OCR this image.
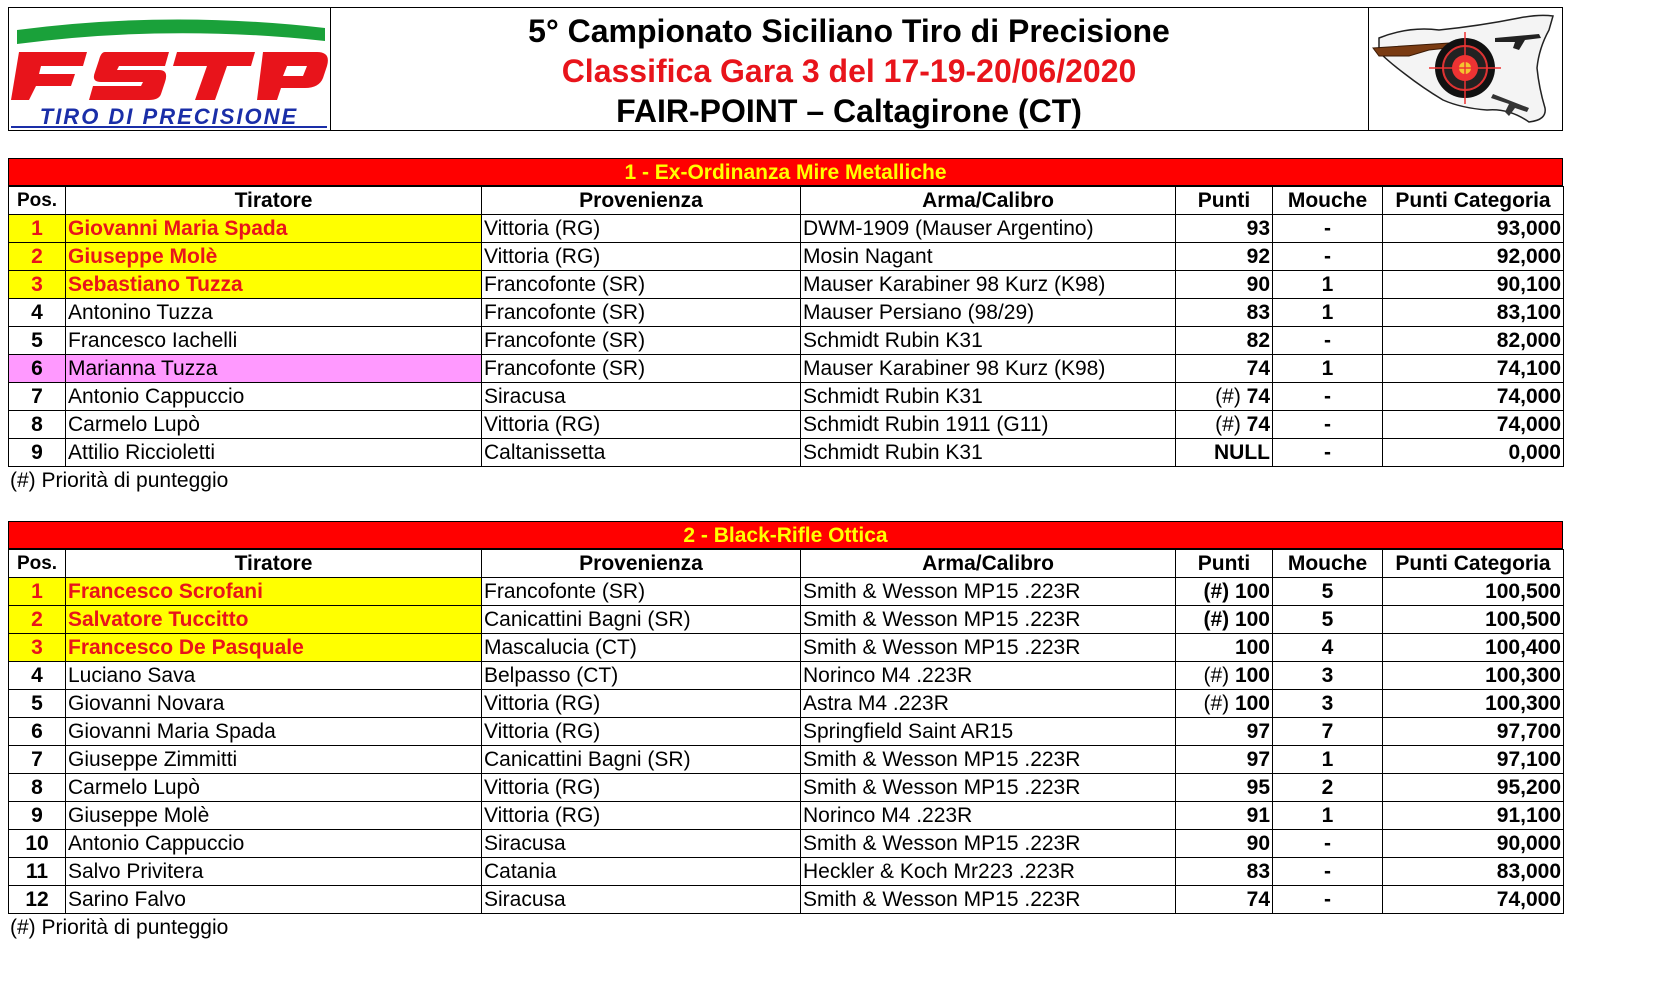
TIRO DI PRECISIONE
5° Campionato Siciliano Tiro di Precisione
Classifica Gara 3 del 17-19-20/06/2020
FAIR-POINT – Caltagirone (CT)
1 - Ex-Ordinanza Mire Metalliche
Pos.	Tiratore	Provenienza	Arma/Calibro	Punti	Mouche	Punti Categoria
1	Giovanni Maria Spada	Vittoria (RG)	DWM-1909 (Mauser Argentino)	93	-	93,000
2	Giuseppe Molè	Vittoria (RG)	Mosin Nagant	92	-	92,000
3	Sebastiano Tuzza	Francofonte (SR)	Mauser Karabiner 98 Kurz (K98)	90	1	90,100
4	Antonino Tuzza	Francofonte (SR)	Mauser Persiano (98/29)	83	1	83,100
5	Francesco Iachelli	Francofonte (SR)	Schmidt Rubin K31	82	-	82,000
6	Marianna Tuzza	Francofonte (SR)	Mauser Karabiner 98 Kurz (K98)	74	1	74,100
7	Antonio Cappuccio	Siracusa	Schmidt Rubin K31	(#) 74	-	74,000
8	Carmelo Lupò	Vittoria (RG)	Schmidt Rubin 1911 (G11)	(#) 74	-	74,000
9	Attilio Riccioletti	Caltanissetta	Schmidt Rubin K31	NULL	-	0,000
(#) Priorità di punteggio
2 - Black-Rifle Ottica
Pos.	Tiratore	Provenienza	Arma/Calibro	Punti	Mouche	Punti Categoria
1	Francesco Scrofani	Francofonte (SR)	Smith & Wesson MP15 .223R	(#) 100	5	100,500
2	Salvatore Tuccitto	Canicattini Bagni (SR)	Smith & Wesson MP15 .223R	(#) 100	5	100,500
3	Francesco De Pasquale	Mascalucia (CT)	Smith & Wesson MP15 .223R	100	4	100,400
4	Luciano Sava	Belpasso (CT)	Norinco M4 .223R	(#) 100	3	100,300
5	Giovanni Novara	Vittoria (RG)	Astra M4 .223R	(#) 100	3	100,300
6	Giovanni Maria Spada	Vittoria (RG)	Springfield Saint AR15	97	7	97,700
7	Giuseppe Zimmitti	Canicattini Bagni (SR)	Smith & Wesson MP15 .223R	97	1	97,100
8	Carmelo Lupò	Vittoria (RG)	Smith & Wesson MP15 .223R	95	2	95,200
9	Giuseppe Molè	Vittoria (RG)	Norinco M4 .223R	91	1	91,100
10	Antonio Cappuccio	Siracusa	Smith & Wesson MP15 .223R	90	-	90,000
11	Salvo Privitera	Catania	Heckler & Koch Mr223 .223R	83	-	83,000
12	Sarino Falvo	Siracusa	Smith & Wesson MP15 .223R	74	-	74,000
(#) Priorità di punteggio
